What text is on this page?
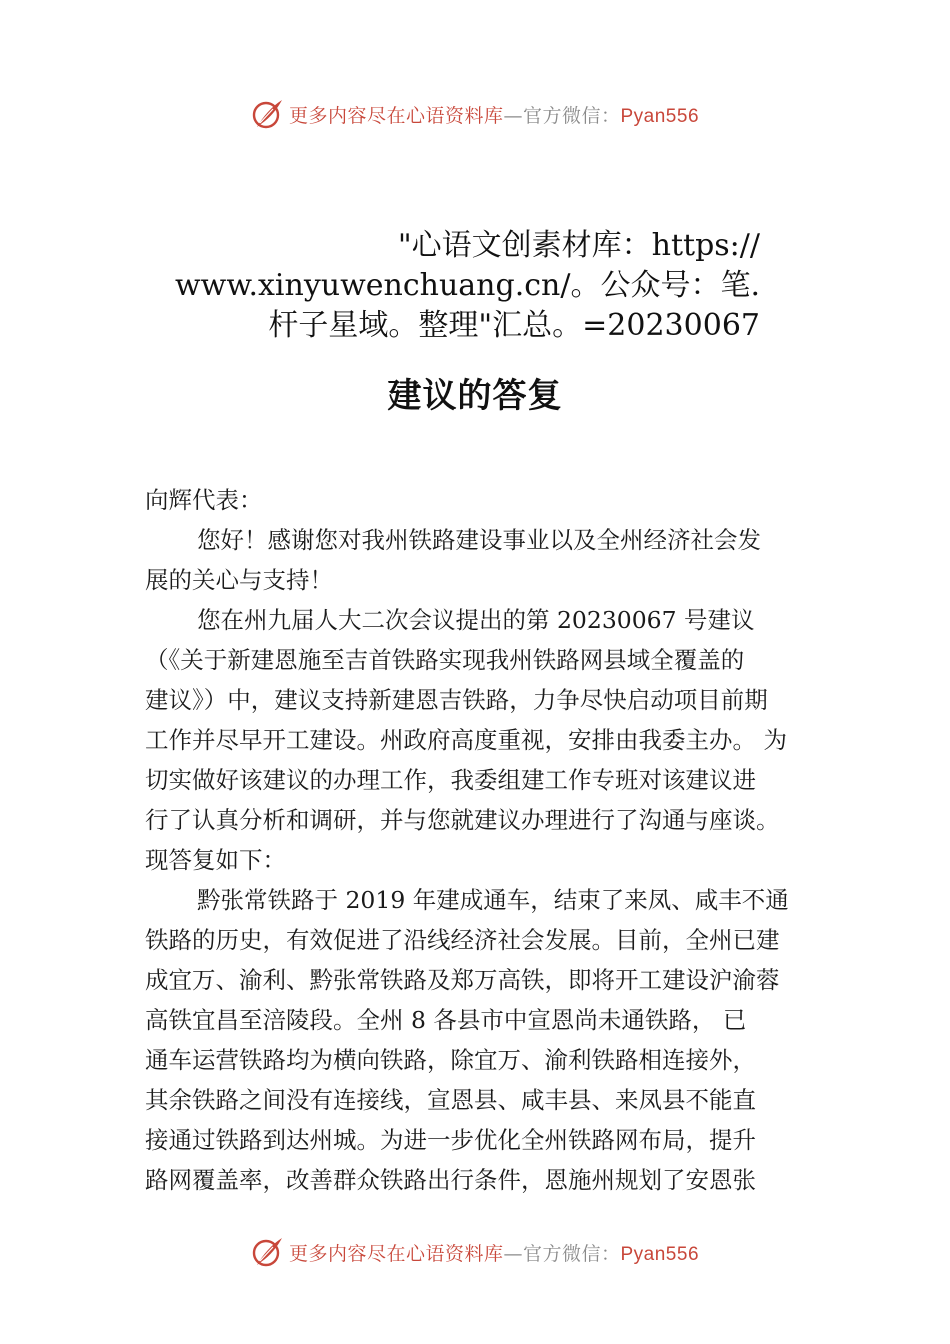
更多内容尽在心语资料库—官方微信：Pyan556
"心语文创素材库：https://
www.xinyuwenchuang.cn/。公众号：笔.
杆子星域。整理"汇总。=20230067
建议的答复
向辉代表：
您好！感谢您对我州铁路建设事业以及全州经济社会发
展的关心与支持！
您在州九届人大二次会议提出的第 20230067 号建议
（《关于新建恩施至吉首铁路实现我州铁路网县域全覆盖的
建议》）中，建议支持新建恩吉铁路，力争尽快启动项目前期
工作并尽早开工建设。州政府高度重视，安排由我委主办。 为
切实做好该建议的办理工作，我委组建工作专班对该建议进
行了认真分析和调研，并与您就建议办理进行了沟通与座谈。
现答复如下：
黔张常铁路于 2019 年建成通车，结束了来凤、咸丰不通
铁路的历史，有效促进了沿线经济社会发展。目前，全州已建
成宜万、渝利、黔张常铁路及郑万高铁，即将开工建设沪渝蓉
高铁宜昌至涪陵段。全州 8 各县市中宣恩尚未通铁路， 已
通车运营铁路均为横向铁路，除宜万、渝利铁路相连接外，
其余铁路之间没有连接线，宣恩县、咸丰县、来凤县不能直
接通过铁路到达州城。为进一步优化全州铁路网布局，提升
路网覆盖率，改善群众铁路出行条件，恩施州规划了安恩张
更多内容尽在心语资料库—官方微信：Pyan556
